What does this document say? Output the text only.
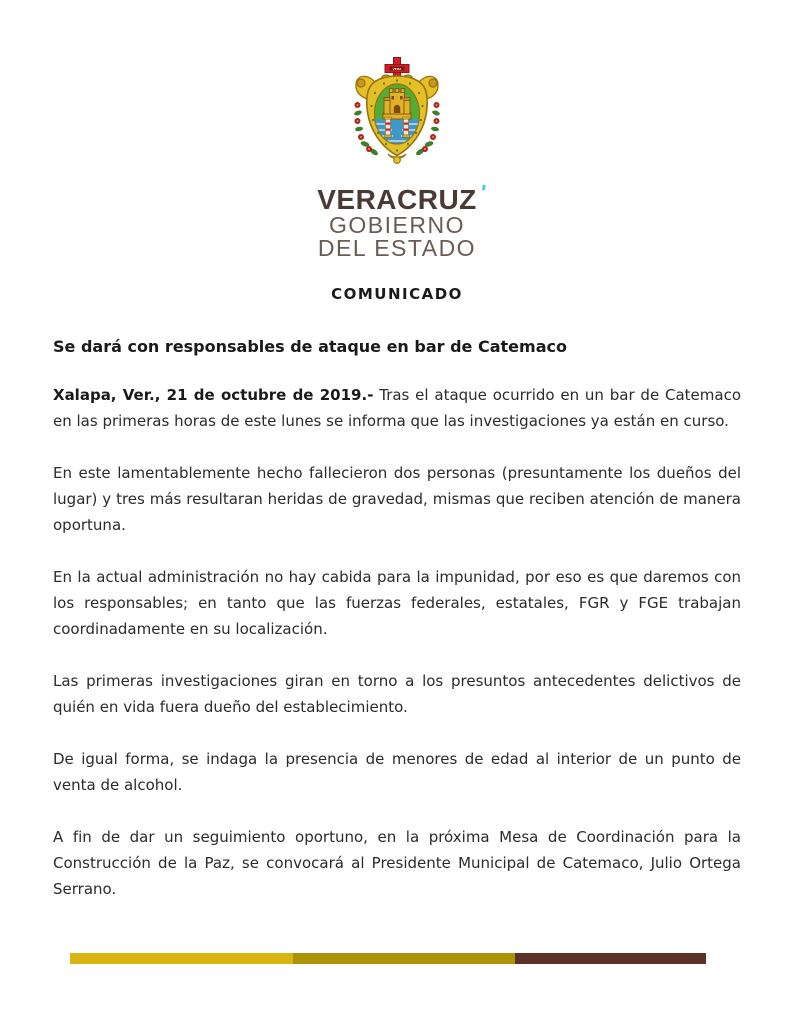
VERA
VERACRUZ '
GOBIERNO
DEL ESTADO
COMUNICADO
Se dará con responsables de ataque en bar de Catemaco

Xalapa, Ver., 21 de octubre de 2019.- Tras el ataque ocurrido en un bar de Catemaco en las primeras horas de este lunes se informa que las investigaciones ya están en curso.

En este lamentablemente hecho fallecieron dos personas (presuntamente los dueños del lugar) y tres más resultaran heridas de gravedad, mismas que reciben atención de manera oportuna.

En la actual administración no hay cabida para la impunidad, por eso es que daremos con los responsables; en tanto que las fuerzas federales, estatales, FGR y FGE trabajan coordinadamente en su localización.

Las primeras investigaciones giran en torno a los presuntos antecedentes delictivos de quién en vida fuera dueño del establecimiento.

De igual forma, se indaga la presencia de menores de edad al interior de un punto de venta de alcohol.

A fin de dar un seguimiento oportuno, en la próxima Mesa de Coordinación para la Construcción de la Paz, se convocará al Presidente Municipal de Catemaco, Julio Ortega Serrano.
